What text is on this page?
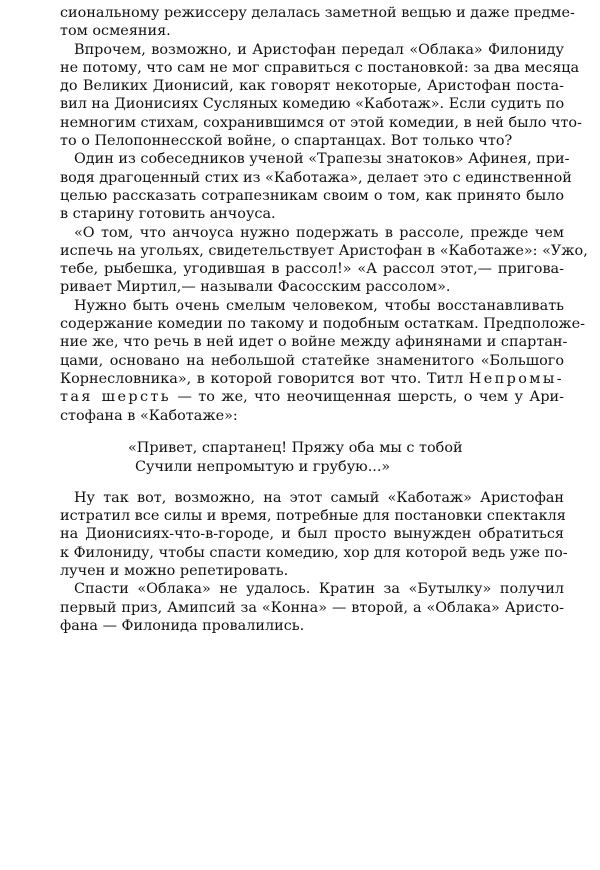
сиональному режиссеру делалась заметной вещью и даже предме-
том осмеяния.
Впрочем, возможно, и Аристофан передал «Облака» Филониду
не потому, что сам не мог справиться с постановкой: за два месяца
до Великих Дионисий, как говорят некоторые, Аристофан поста-
вил на Дионисиях Сусляных комедию «Каботаж». Если судить по
немногим стихам, сохранившимся от этой комедии, в ней было что-
то о Пелопоннесской войне, о спартанцах. Вот только что?
Один из собеседников ученой «Трапезы знатоков» Афинея, при-
водя драгоценный стих из «Каботажа», делает это с единственной
целью рассказать сотрапезникам своим о том, как принято было
в старину готовить анчоуса.
«О том, что анчоуса нужно подержать в рассоле, прежде чем
испечь на угольях, свидетельствует Аристофан в «Каботаже»: «Ужо,
тебе, рыбешка, угодившая в рассол!» «А рассол этот,— пригова-
ривает Миртил,— называли Фасосским рассолом».
Нужно быть очень смелым человеком, чтобы восстанавливать
содержание комедии по такому и подобным остаткам. Предположе-
ние же, что речь в ней идет о войне между афинянами и спартан-
цами, основано на небольшой статейке знаменитого «Большого
Корнесловника», в которой говорится вот что. Титл Непромы-
тая шерсть — то же, что неочищенная шерсть, о чем у Ари-
стофана в «Каботаже»:
«Привет, спартанец! Пряжу оба мы с тобой
Сучили непромытую и грубую...»
Ну так вот, возможно, на этот самый «Каботаж» Аристофан
истратил все силы и время, потребные для постановки спектакля
на Дионисиях-что-в-городе, и был просто вынужден обратиться
к Филониду, чтобы спасти комедию, хор для которой ведь уже по-
лучен и можно репетировать.
Спасти «Облака» не удалось. Кратин за «Бутылку» получил
первый приз, Амипсий за «Конна» — второй, а «Облака» Аристо-
фана — Филонида провалились.
